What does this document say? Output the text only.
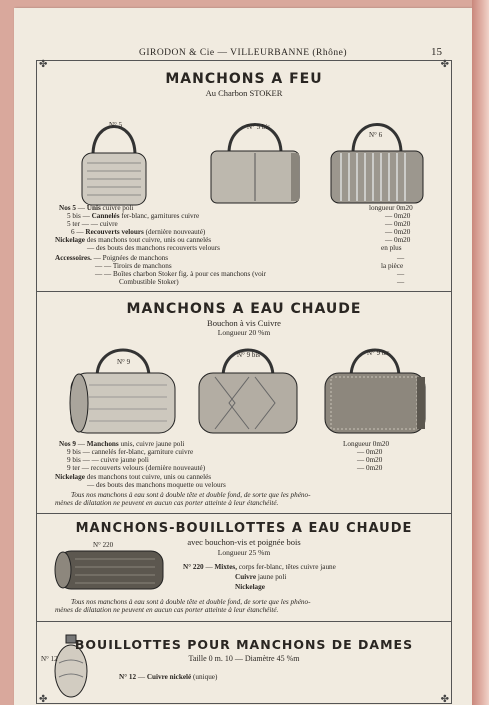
GIRODON & Cie — VILLEURBANNE (Rhône)	15
✤	✤
✤	✤
MANCHONS A FEU
Au Charbon STOKER
N° 5	N° 5 bis
N° 6
Nos 5 — Unis cuivre poli	longueur 0m20
5 bis — Cannelés fer-blanc, garnitures cuivre	— 0m20
5 ter — — cuivre	— 0m20
6 — Recouverts velours (dernière nouveauté)	— 0m20
Nickelage des manchons tout cuivre, unis ou cannelés	— 0m20
— des bouts des manchons recouverts velours	en plus
Accessoires. — Poignées de manchons	—
— — Tiroirs de manchons	la pièce
— — Boîtes charbon Stoker fig. à pour ces manchons (voir	—
Combustible Stoker)	—
MANCHONS A EAU CHAUDE
Bouchon à vis Cuivre
Longueur 20 %m
N° 9
N° 9 bis	N° 9 ter
Nos 9 — Manchons unis, cuivre jaune poli	Longueur 0m20
9 bis — cannelés fer-blanc, garniture cuivre	— 0m20
9 bis — — cuivre jaune poli	— 0m20
9 ter — recouverts velours (dernière nouveauté)	— 0m20
Nickelage des manchons tout cuivre, unis ou cannelés
— des bouts des manchons moquette ou velours
Tous nos manchons à eau sont à double tête et double fond, de sorte que les phéno-
mènes de dilatation ne peuvent en aucun cas porter atteinte à leur étanchéité.
MANCHONS-BOUILLOTTES A EAU CHAUDE
avec bouchon-vis et poignée bois
Longueur 25 %m
N° 220
N° 220 — Mixtes, corps fer-blanc, têtes cuivre jaune
Cuivre jaune poli
Nickelage
Tous nos manchons à eau sont à double tête et double fond, de sorte que les phéno-
mènes de dilatation ne peuvent en aucun cas porter atteinte à leur étanchéité.
N° 12
BOUILLOTTES POUR MANCHONS DE DAMES
Taille 0 m. 10 — Diamètre 45 %m
N° 12 — Cuivre nickelé (unique)
